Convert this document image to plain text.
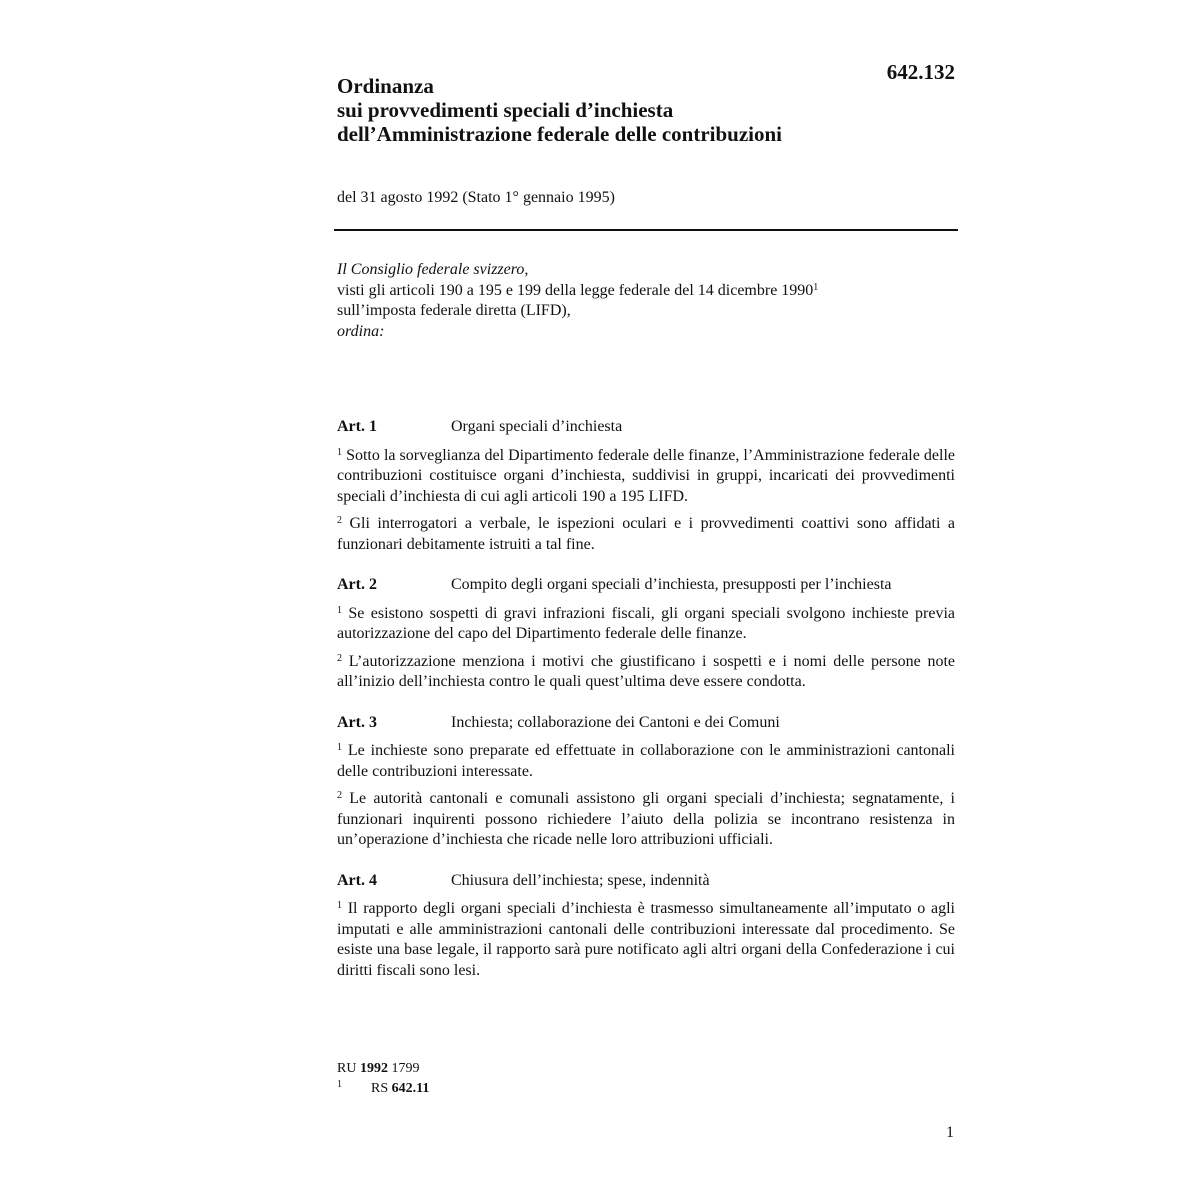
642.132
Ordinanza
sui provvedimenti speciali d’inchiesta
dell’Amministrazione federale delle contribuzioni
del 31 agosto 1992 (Stato 1° gennaio 1995)
Il Consiglio federale svizzero,
visti gli articoli 190 a 195 e 199 della legge federale del 14 dicembre 1990$^1$
sull’imposta federale diretta (LIFD),
ordina:
Art. 1	Organi speciali d’inchiesta
$^1$ Sotto la sorveglianza del Dipartimento federale delle finanze, l’Amministrazione federale delle contribuzioni costituisce organi d’inchiesta, suddivisi in gruppi, incaricati dei provvedimenti speciali d’inchiesta di cui agli articoli 190 a 195 LIFD.
$^2$ Gli interrogatori a verbale, le ispezioni oculari e i provvedimenti coattivi sono affidati a funzionari debitamente istruiti a tal fine.
Art. 2	Compito degli organi speciali d’inchiesta, presupposti per l’inchiesta
$^1$ Se esistono sospetti di gravi infrazioni fiscali, gli organi speciali svolgono inchieste previa autorizzazione del capo del Dipartimento federale delle finanze.
$^2$ L’autorizzazione menziona i motivi che giustificano i sospetti e i nomi delle persone note all’inizio dell’inchiesta contro le quali quest’ultima deve essere condotta.
Art. 3	Inchiesta; collaborazione dei Cantoni e dei Comuni
$^1$ Le inchieste sono preparate ed effettuate in collaborazione con le amministrazioni cantonali delle contribuzioni interessate.
$^2$ Le autorità cantonali e comunali assistono gli organi speciali d’inchiesta; segnatamente, i funzionari inquirenti possono richiedere l’aiuto della polizia se incontrano resistenza in un’operazione d’inchiesta che ricade nelle loro attribuzioni ufficiali.
Art. 4	Chiusura dell’inchiesta; spese, indennità
$^1$ Il rapporto degli organi speciali d’inchiesta è trasmesso simultaneamente all’imputato o agli imputati e alle amministrazioni cantonali delle contribuzioni interessate dal procedimento. Se esiste una base legale, il rapporto sarà pure notificato agli altri organi della Confederazione i cui diritti fiscali sono lesi.
RU
1992
1799
1	RS
642.11
1
